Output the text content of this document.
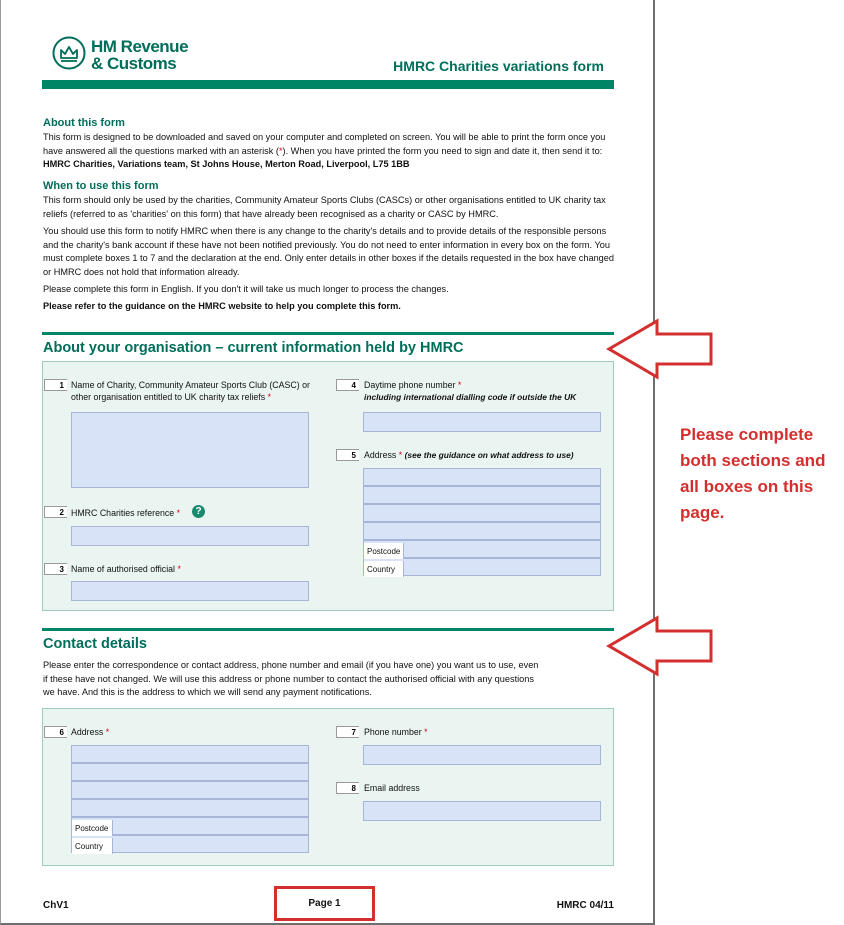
HM Revenue
& Customs	HMRC Charities variations form
About this form
This form is designed to be downloaded and saved on your computer and completed on screen. You will be able to print the form once you have answered all the questions marked with an asterisk (*). When you have printed the form you need to sign and date it, then send it to: HMRC Charities, Variations team, St Johns House, Merton Road, Liverpool, L75 1BB
When to use this form
This form should only be used by the charities, Community Amateur Sports Clubs (CASCs) or other organisations entitled to UK charity tax reliefs (referred to as 'charities' on this form) that have already been recognised as a charity or CASC by HMRC.
You should use this form to notify HMRC when there is any change to the charity's details and to provide details of the responsible persons and the charity's bank account if these have not been notified previously. You do not need to enter information in every box on the form. You must complete boxes 1 to 7 and the declaration at the end. Only enter details in other boxes if the details requested in the box have changed or HMRC does not hold that information already.
Please complete this form in English. If you don't it will take us much longer to process the changes.
Please refer to the guidance on the HMRC website to help you complete this form.
About your organisation – current information held by HMRC
1 Name of Charity, Community Amateur Sports Club (CASC) or other organisation entitled to UK charity tax reliefs *
2 HMRC Charities reference *	?
3 Name of authorised official *
4 Daytime phone number *
including international dialling code if outside the UK
5 Address * (see the guidance on what address to use)
Postcode
Country
Contact details
Please enter the correspondence or contact address, phone number and email (if you have one) you want us to use, even if these have not changed. We will use this address or phone number to contact the authorised official with any questions we have. And this is the address to which we will send any payment notifications.
6 Address *
Postcode
Country
7 Phone number *
8 Email address
ChV1	Page 1	HMRC 04/11
Please complete both sections and all boxes on this page.
